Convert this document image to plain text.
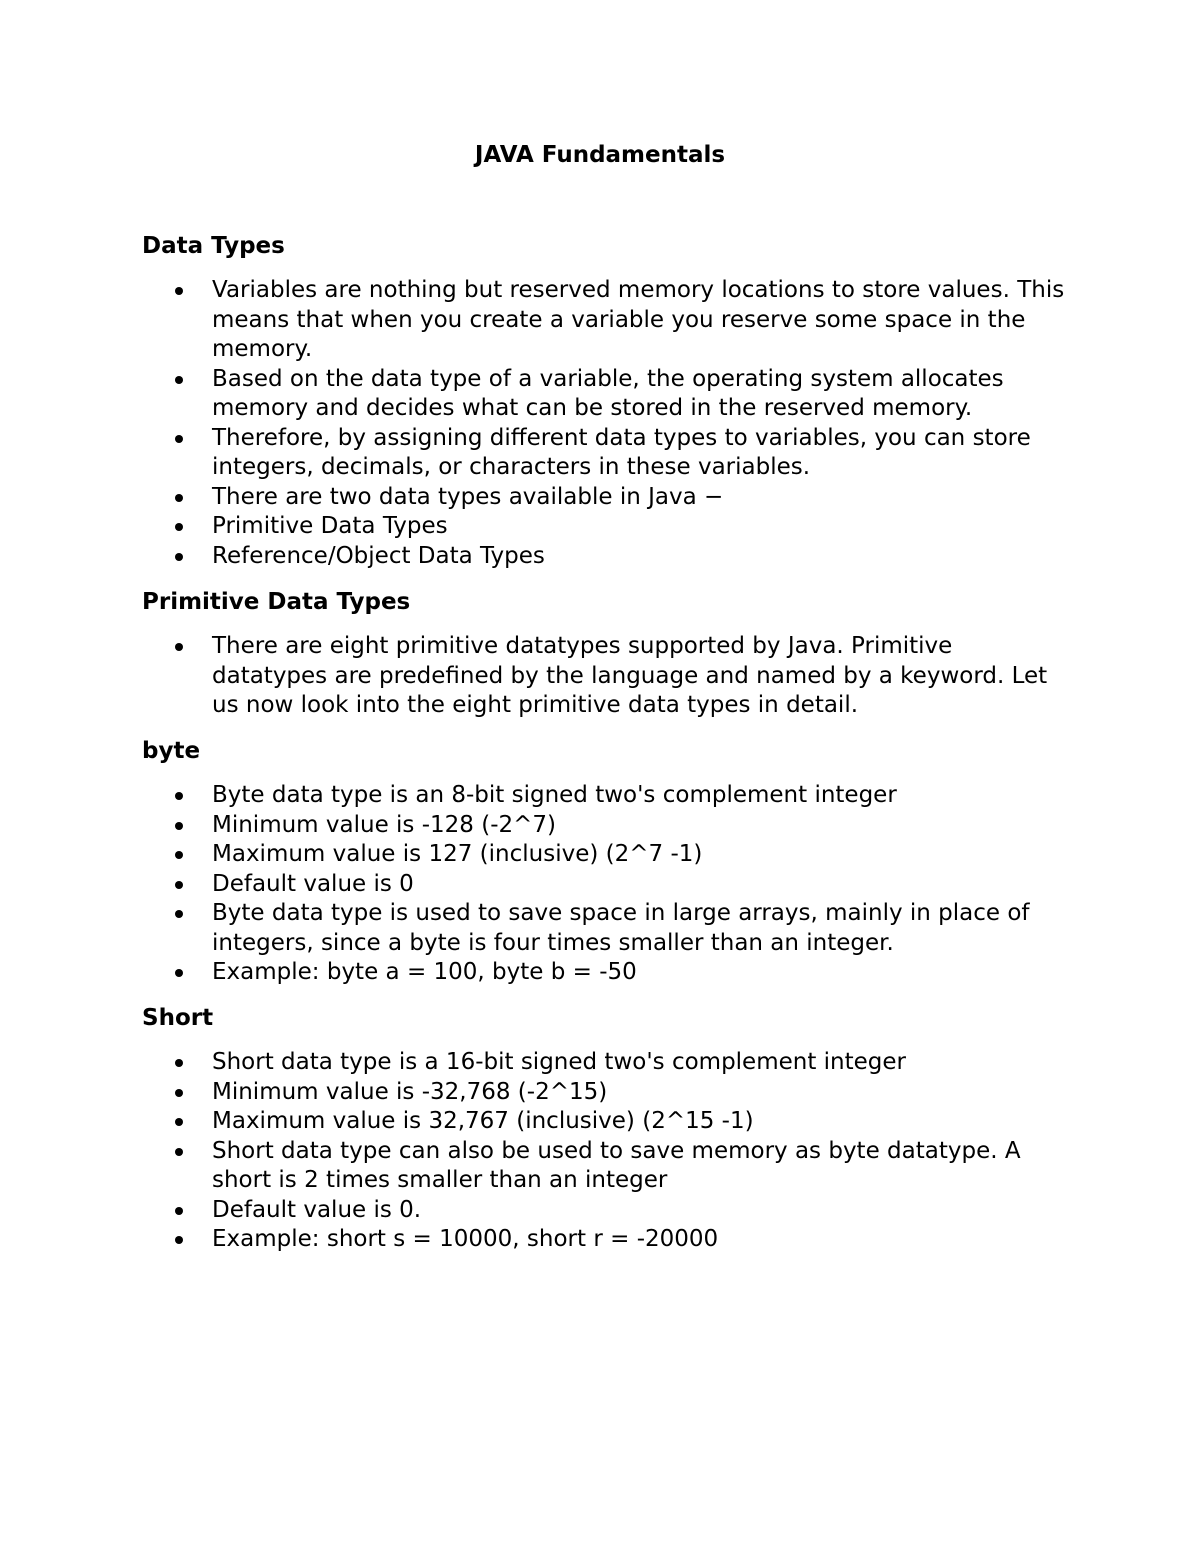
JAVA Fundamentals
Data Types
Variables are nothing but reserved memory locations to store values. This means that when you create a variable you reserve some space in the memory.
Based on the data type of a variable, the operating system allocates memory and decides what can be stored in the reserved memory.
Therefore, by assigning different data types to variables, you can store integers, decimals, or characters in these variables.
There are two data types available in Java −
Primitive Data Types
Reference/Object Data Types
Primitive Data Types
There are eight primitive datatypes supported by Java. Primitive datatypes are predefined by the language and named by a keyword. Let us now look into the eight primitive data types in detail.
byte
Byte data type is an 8-bit signed two's complement integer
Minimum value is -128 (-2^7)
Maximum value is 127 (inclusive) (2^7 -1)
Default value is 0
Byte data type is used to save space in large arrays, mainly in place of integers, since a byte is four times smaller than an integer.
Example: byte a = 100, byte b = -50
Short
Short data type is a 16-bit signed two's complement integer
Minimum value is -32,768 (-2^15)
Maximum value is 32,767 (inclusive) (2^15 -1)
Short data type can also be used to save memory as byte datatype. A short is 2 times smaller than an integer
Default value is 0.
Example: short s = 10000, short r = -20000
